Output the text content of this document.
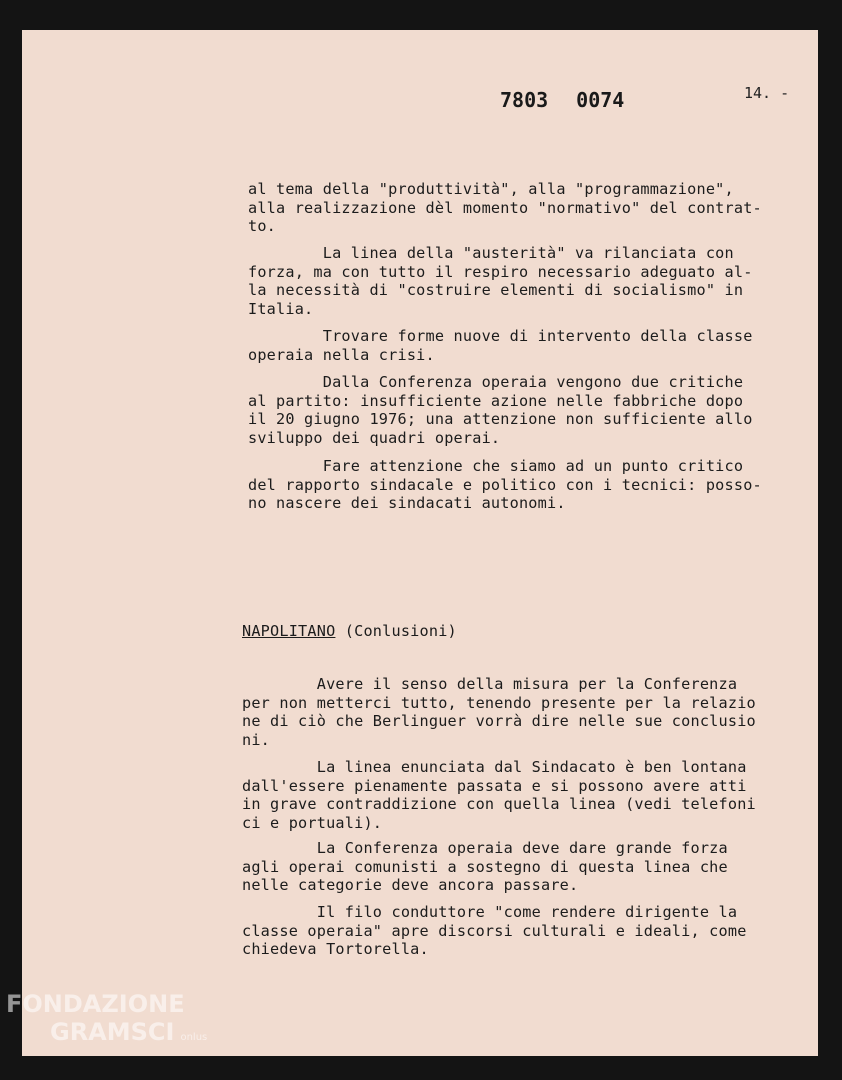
7803 0074	14. -
al tema della "produttività", alla "programmazione",
alla realizzazione dèl momento "normativo" del contrat-
to.
La linea della "austerità" va rilanciata con
forza, ma con tutto il respiro necessario adeguato al-
la necessità di "costruire elementi di socialismo" in
Italia.
Trovare forme nuove di intervento della classe
operaia nella crisi.
Dalla Conferenza operaia vengono due critiche
al partito: insufficiente azione nelle fabbriche dopo
il 20 giugno 1976; una attenzione non sufficiente allo
sviluppo dei quadri operai.
Fare attenzione che siamo ad un punto critico
del rapporto sindacale e politico con i tecnici: posso-
no nascere dei sindacati autonomi.
NAPOLITANO (Conlusioni)
Avere il senso della misura per la Conferenza
per non metterci tutto, tenendo presente per la relazio
ne di ciò che Berlinguer vorrà dire nelle sue conclusio
ni.
La linea enunciata dal Sindacato è ben lontana
dall'essere pienamente passata e si possono avere atti
in grave contraddizione con quella linea (vedi telefoni
ci e portuali).
La Conferenza operaia deve dare grande forza
agli operai comunisti a sostegno di questa linea che
nelle categorie deve ancora passare.
Il filo conduttore "come rendere dirigente la
classe operaia" apre discorsi culturali e ideali, come
chiedeva Tortorella.
FONDAZIONE
GRAMSCI onlus
